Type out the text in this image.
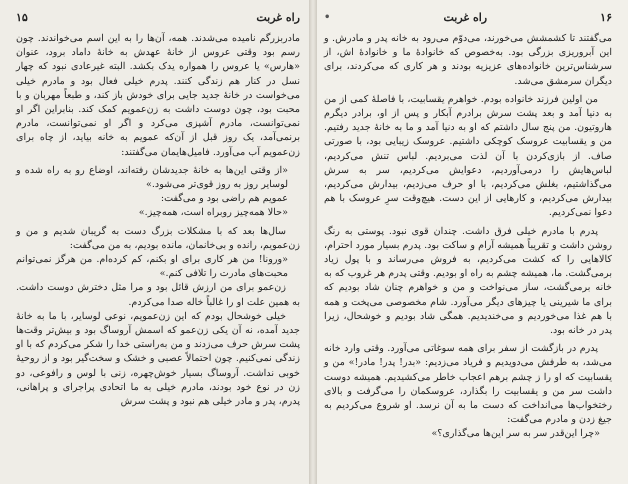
راه غربت
۱۵

مادربزرگم نامیده می‌شدند. همه، آن‌ها را به این اسم می‌خواندند. چون رسم بود وقتی عروس از خانهٔ عهدش به خانهٔ داماد برود، عنوان «هارس» یا عروس را همواره یدک بکشد. البته غیرعادی نبود که چهار نسل در کنار هم زندگی کنند. پدرم خیلی فعال بود و مادرم خیلی می‌خواست در خانهٔ جدید جایی برای خودش باز کند، و طبعاً مهربان و با محبت بود، چون دوست داشت به زن‌عمویم کمک کند. بنابراین اگر او نمی‌توانست، مادرم آشپزی می‌کرد و اگر او نمی‌توانست، مادرم برنمی‌آمد، یک روز قبل از آن‌که عمویم به خانه بیاید، از چاه برای زن‌عمویم آب می‌آورد. فامیل‌هایمان می‌گفتند:

«از وقتی این‌ها به خانهٔ جدیدشان رفته‌اند، اوضاع رو به راه شده و لوسایر روز به روز قوی‌تر می‌شود.»

عمویم هم راضی بود و می‌گفت:

«حالا همه‌چیز روبراه است، همه‌چیز.»

سال‌ها بعد که با مشکلات بزرگ دست به گریبان شدیم و من و زن‌عمویم، رانده و بی‌خانمان، مانده بودیم، به من می‌گفت:

«ورونا! من هر کاری برای او بکنم، کم کرده‌ام. من هرگز نمی‌توانم محبت‌های مادرت را تلافی کنم.»

زن‌عمو برای من ارزش قائل بود و مرا مثل دخترش دوست داشت. به همین علت او را غالباً خاله صدا می‌کردم.

خیلی خوشحال بودم که این زن‌عمویم، نوعی لوسایر، با ما به خانهٔ جدید آمده، نه آن یکی زن‌عمو که اسمش آروساگ بود و بیش‌تر وقت‌ها پشت سرش حرف می‌زدند و من به‌راستی خدا را شکر می‌کردم که با او زندگی نمی‌کنیم. چون احتمالاً عصبی و خشک و سخت‌گیر بود و از روحیهٔ خوبی نداشت. آروساگ بسیار خوش‌چهره، زنی با لوس و رافوعی، دو زن در نوع خود بودند، مادرم خیلی به ما اتحادی پراجرای و پراهانی، پدرم، پدر و مادر خیلی هم نبود و پشت سرش

۱۶
راه غربت
•

می‌گفتند تا کشمشش می‌خورند، می‌دوّم می‌رود به خانه پدر و مادرش. و این آبروریزی بزرگی بود. به‌خصوص که خانوادهٔ ما و خانوادهٔ اش، از سرشناس‌ترین خانواده‌های عزیزیه بودند و هر کاری که می‌کردند، برای دیگران سرمشق می‌شد.

من اولین فرزند خانواده بودم. خواهرم یقسابیت، با فاصلهٔ کمی از من به دنیا آمد و بعد پشت سرش برادرم آبکار و پس از او، برادر دیگرم هاروتیون. من پنج سال داشتم که او به دنیا آمد و ما به خانهٔ جدید رفتیم. من و یقسابیت عروسک کوچکی داشتیم. عروسک زیبایی بود، با صورتی صاف. از بازی‌کردن با آن لذت می‌بردیم. لباس تنش می‌کردیم، لباس‌هایش را درمی‌آوردیم، دعوایش می‌کردیم، سر به سرش می‌گذاشتیم، بغلش می‌کردیم، با او حرف می‌زدیم، بیدارش می‌کردیم، بیدارش می‌کردیم، و کارهایی از این دست. هیچ‌وقت سرِ عروسک با هم دعوا نمی‌کردیم.

پدرم با مادرم خیلی فرق داشت. چندان قوی نبود. پوستی به رنگ روشن داشت و تقریباً همیشه آرام و ساکت بود. پدرم بسیار مورد احترام، کالاهایی را که کشت می‌کردیم، به فروش می‌رساند و با پول زیاد برمی‌گشت. ما، همیشه چشم به راه او بودیم. وقتی پدرم هر غروب که به خانه برمی‌گشت، ساز می‌نواخت و من و خواهرم چنان شاد بودیم که برای ما شیرینی یا چیزهای دیگر می‌آورد. شام مخصوصی می‌پخت و همه با هم غذا می‌خوردیم و می‌خندیدیم. همگی شاد بودیم و خوشحال، زیرا پدر در خانه بود.

پدرم در بازگشت از سفر برای همه سوغاتی می‌آورد. وقتی وارد خانه می‌شد، به طرفش می‌دویدیم و فریاد می‌زدیم: «بدر! پدر! مادر!» من و یقسابیت که او را ز چشم برهم اعجاب خاطر می‌کشیدیم. همیشه دوست داشت سر من و یقسابیت را بگذارد، عروسکمان را می‌گرفت و بالای رختخواب‌ها می‌انداخت که دست ما به آن نرسد. او شروع می‌کردیم به جیغ زدن و مادرم می‌گفت:

«چرا این‌قدر سر به سر این‌ها می‌گذاری؟»
